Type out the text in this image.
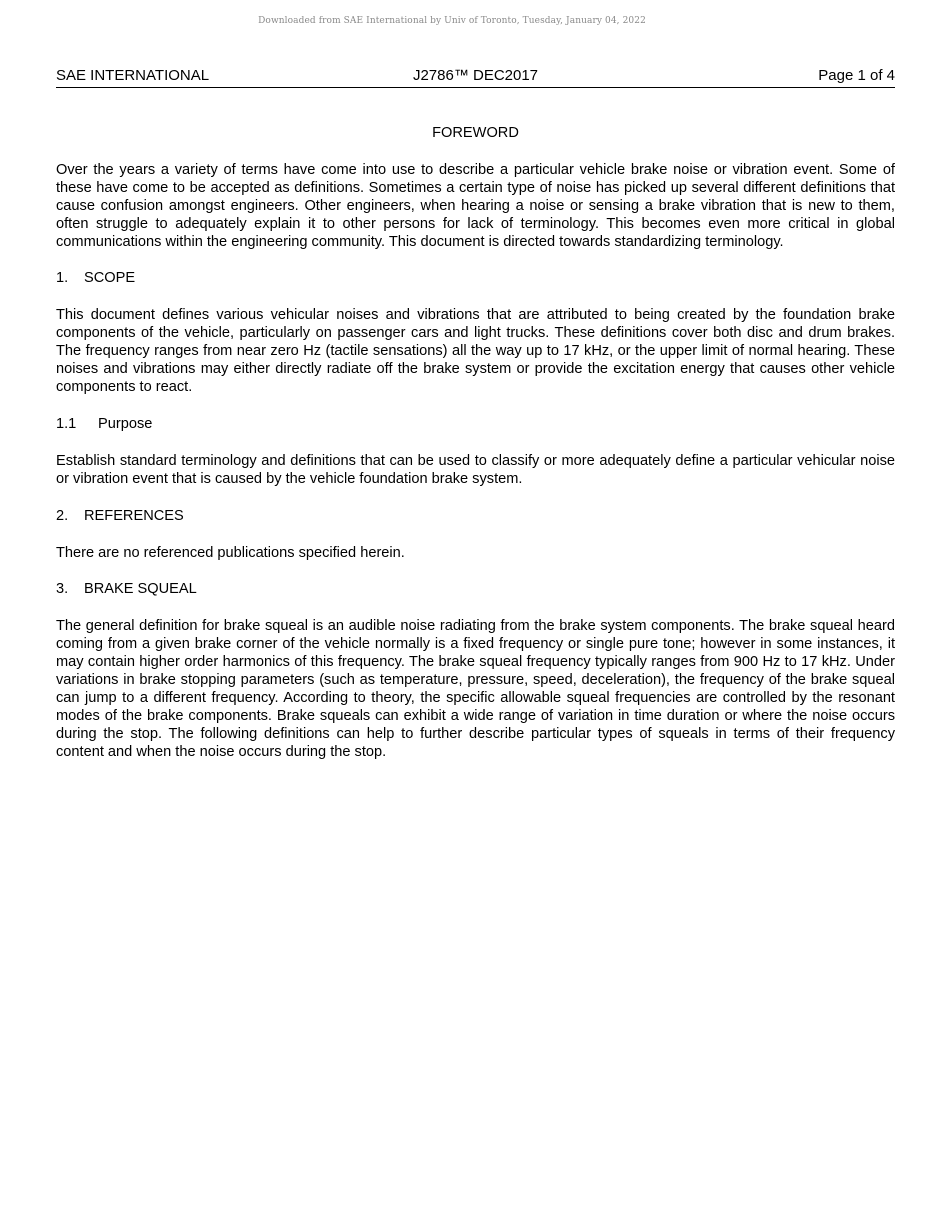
Downloaded from SAE International by Univ of Toronto, Tuesday, January 04, 2022
SAE INTERNATIONAL	J2786™ DEC2017	Page 1 of 4
FOREWORD
Over the years a variety of terms have come into use to describe a particular vehicle brake noise or vibration event. Some of these have come to be accepted as definitions. Sometimes a certain type of noise has picked up several different definitions that cause confusion amongst engineers. Other engineers, when hearing a noise or sensing a brake vibration that is new to them, often struggle to adequately explain it to other persons for lack of terminology. This becomes even more critical in global communications within the engineering community. This document is directed towards standardizing terminology.
1. SCOPE
This document defines various vehicular noises and vibrations that are attributed to being created by the foundation brake components of the vehicle, particularly on passenger cars and light trucks. These definitions cover both disc and drum brakes. The frequency ranges from near zero Hz (tactile sensations) all the way up to 17 kHz, or the upper limit of normal hearing. These noises and vibrations may either directly radiate off the brake system or provide the excitation energy that causes other vehicle components to react.
1.1 Purpose
Establish standard terminology and definitions that can be used to classify or more adequately define a particular vehicular noise or vibration event that is caused by the vehicle foundation brake system.
2. REFERENCES
There are no referenced publications specified herein.
3. BRAKE SQUEAL
The general definition for brake squeal is an audible noise radiating from the brake system components. The brake squeal heard coming from a given brake corner of the vehicle normally is a fixed frequency or single pure tone; however in some instances, it may contain higher order harmonics of this frequency. The brake squeal frequency typically ranges from 900 Hz to 17 kHz. Under variations in brake stopping parameters (such as temperature, pressure, speed, deceleration), the frequency of the brake squeal can jump to a different frequency. According to theory, the specific allowable squeal frequencies are controlled by the resonant modes of the brake components. Brake squeals can exhibit a wide range of variation in time duration or where the noise occurs during the stop. The following definitions can help to further describe particular types of squeals in terms of their frequency content and when the noise occurs during the stop.
